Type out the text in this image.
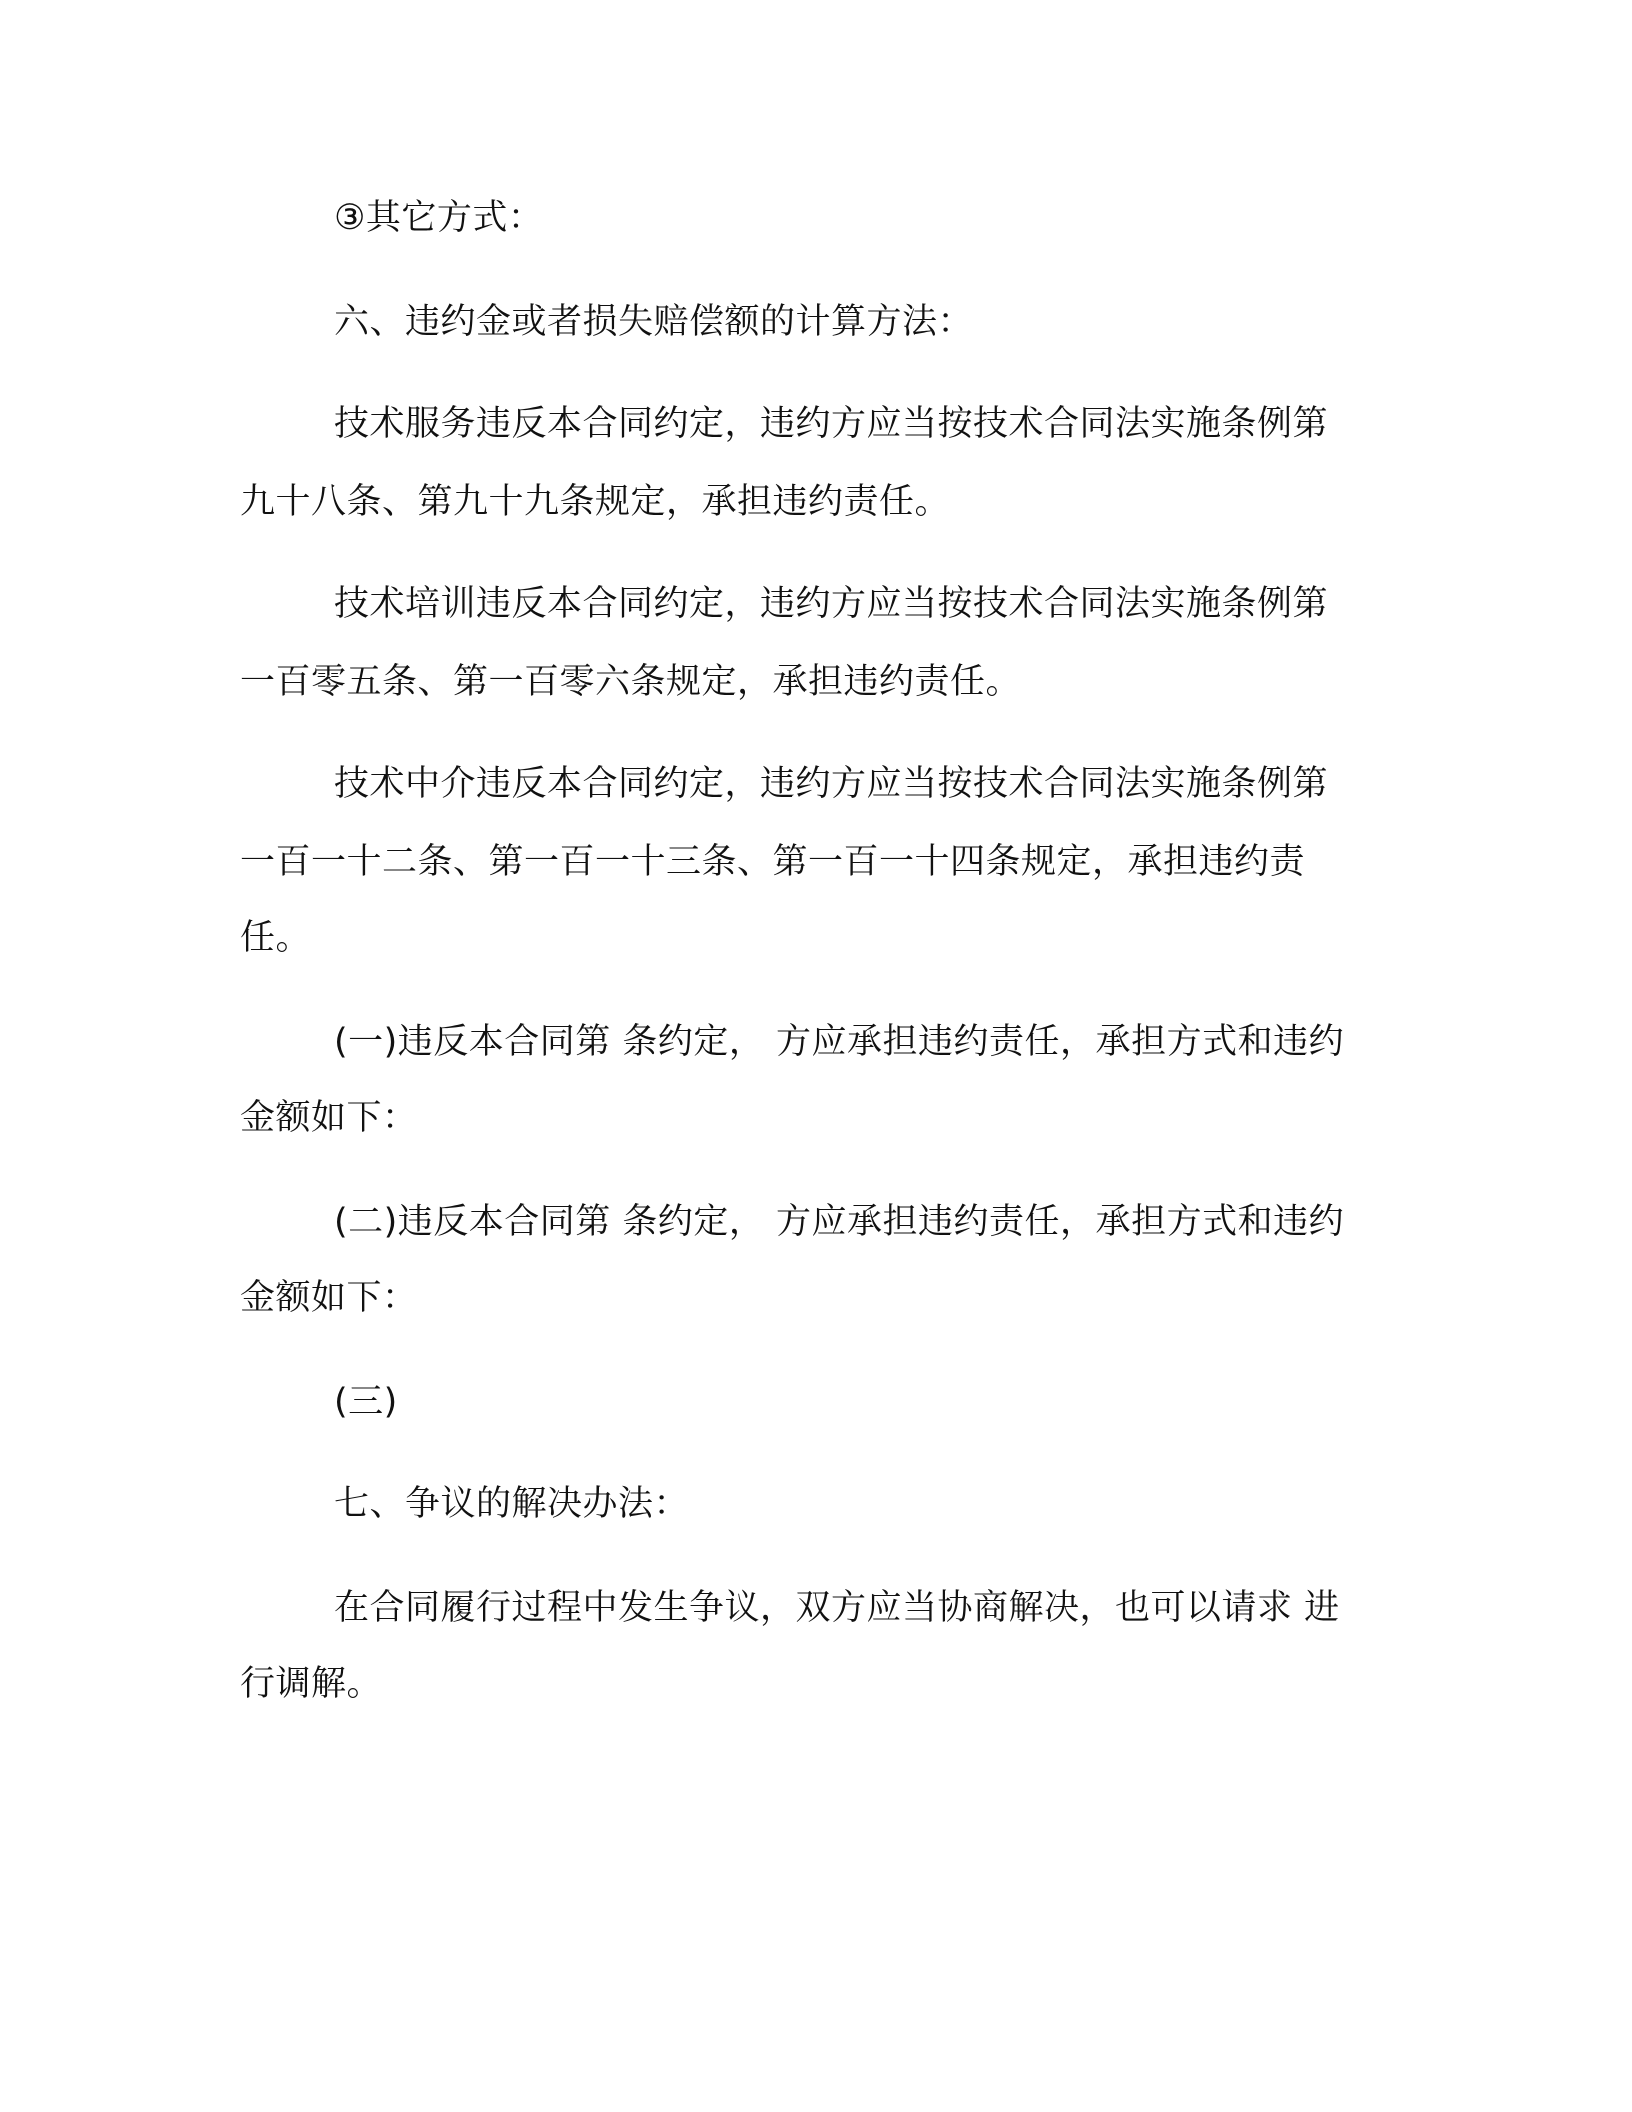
③其它方式：
六、违约金或者损失赔偿额的计算方法：
技术服务违反本合同约定，违约方应当按技术合同法实施条例第
九十八条、第九十九条规定，承担违约责任。
技术培训违反本合同约定，违约方应当按技术合同法实施条例第
一百零五条、第一百零六条规定，承担违约责任。
技术中介违反本合同约定，违约方应当按技术合同法实施条例第
一百一十二条、第一百一十三条、第一百一十四条规定，承担违约责
任。
(一)违反本合同第 条约定， 方应承担违约责任，承担方式和违约
金额如下：
(二)违反本合同第 条约定， 方应承担违约责任，承担方式和违约
金额如下：
(三)
七、争议的解决办法：
在合同履行过程中发生争议，双方应当协商解决，也可以请求 进
行调解。
